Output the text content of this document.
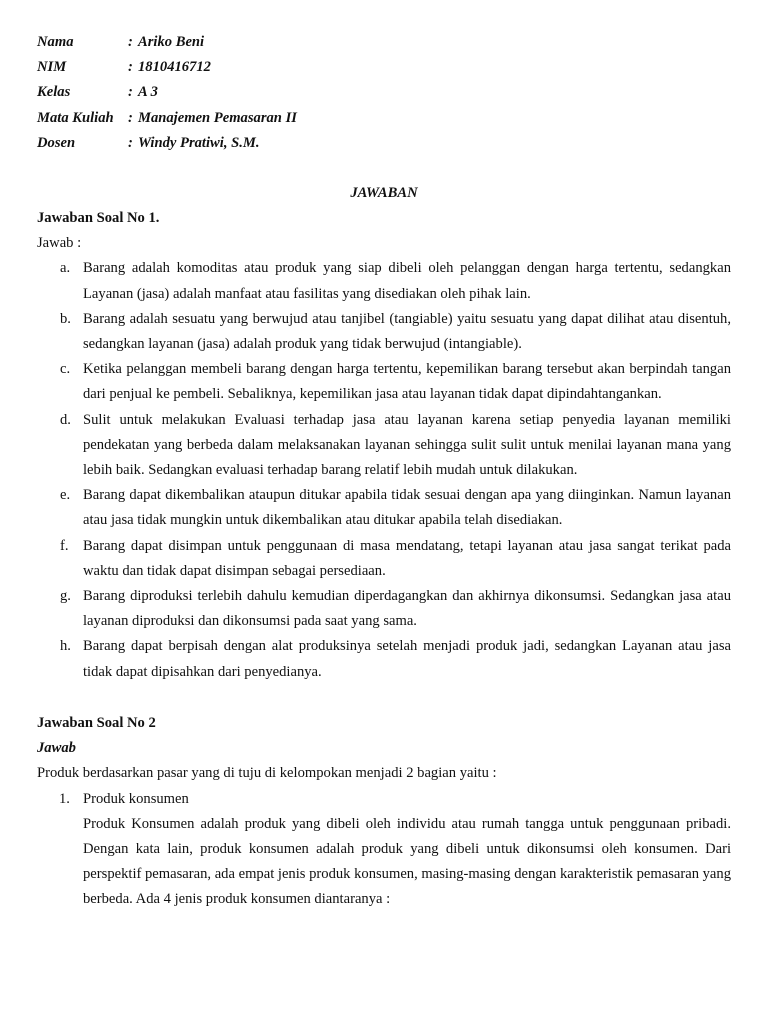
Nama	: Ariko Beni
NIM	: 1810416712
Kelas	: A 3
Mata Kuliah : Manajemen Pemasaran II
Dosen	: Windy Pratiwi, S.M.
JAWABAN
Jawaban Soal No 1.
Jawab :
a. Barang adalah komoditas atau produk yang siap dibeli oleh pelanggan dengan harga tertentu, sedangkan Layanan (jasa) adalah manfaat atau fasilitas yang disediakan oleh pihak lain.
b. Barang adalah sesuatu yang berwujud atau tanjibel (tangiable) yaitu sesuatu yang dapat dilihat atau disentuh, sedangkan layanan (jasa) adalah produk yang tidak berwujud (intangiable).
c. Ketika pelanggan membeli barang dengan harga tertentu, kepemilikan barang tersebut akan berpindah tangan dari penjual ke pembeli. Sebaliknya, kepemilikan jasa atau layanan tidak dapat dipindahtangankan.
d. Sulit untuk melakukan Evaluasi terhadap jasa atau layanan karena setiap penyedia layanan memiliki pendekatan yang berbeda dalam melaksanakan layanan sehingga sulit sulit untuk menilai layanan mana yang lebih baik. Sedangkan evaluasi terhadap barang relatif lebih mudah untuk dilakukan.
e. Barang dapat dikembalikan ataupun ditukar apabila tidak sesuai dengan apa yang diinginkan. Namun layanan atau jasa tidak mungkin untuk dikembalikan atau ditukar apabila telah disediakan.
f. Barang dapat disimpan untuk penggunaan di masa mendatang, tetapi layanan atau jasa sangat terikat pada waktu dan tidak dapat disimpan sebagai persediaan.
g. Barang diproduksi terlebih dahulu kemudian diperdagangkan dan akhirnya dikonsumsi. Sedangkan jasa atau layanan diproduksi dan dikonsumsi pada saat yang sama.
h. Barang dapat berpisah dengan alat produksinya setelah menjadi produk jadi, sedangkan Layanan atau jasa tidak dapat dipisahkan dari penyedianya.
Jawaban Soal No 2
Jawab
Produk berdasarkan pasar yang di tuju di kelompokan menjadi 2 bagian yaitu :
1. Produk konsumen
Produk Konsumen adalah produk yang dibeli oleh individu atau rumah tangga untuk penggunaan pribadi. Dengan kata lain, produk konsumen adalah produk yang dibeli untuk dikonsumsi oleh konsumen. Dari perspektif pemasaran, ada empat jenis produk konsumen, masing-masing dengan karakteristik pemasaran yang berbeda. Ada 4 jenis produk konsumen diantaranya :
